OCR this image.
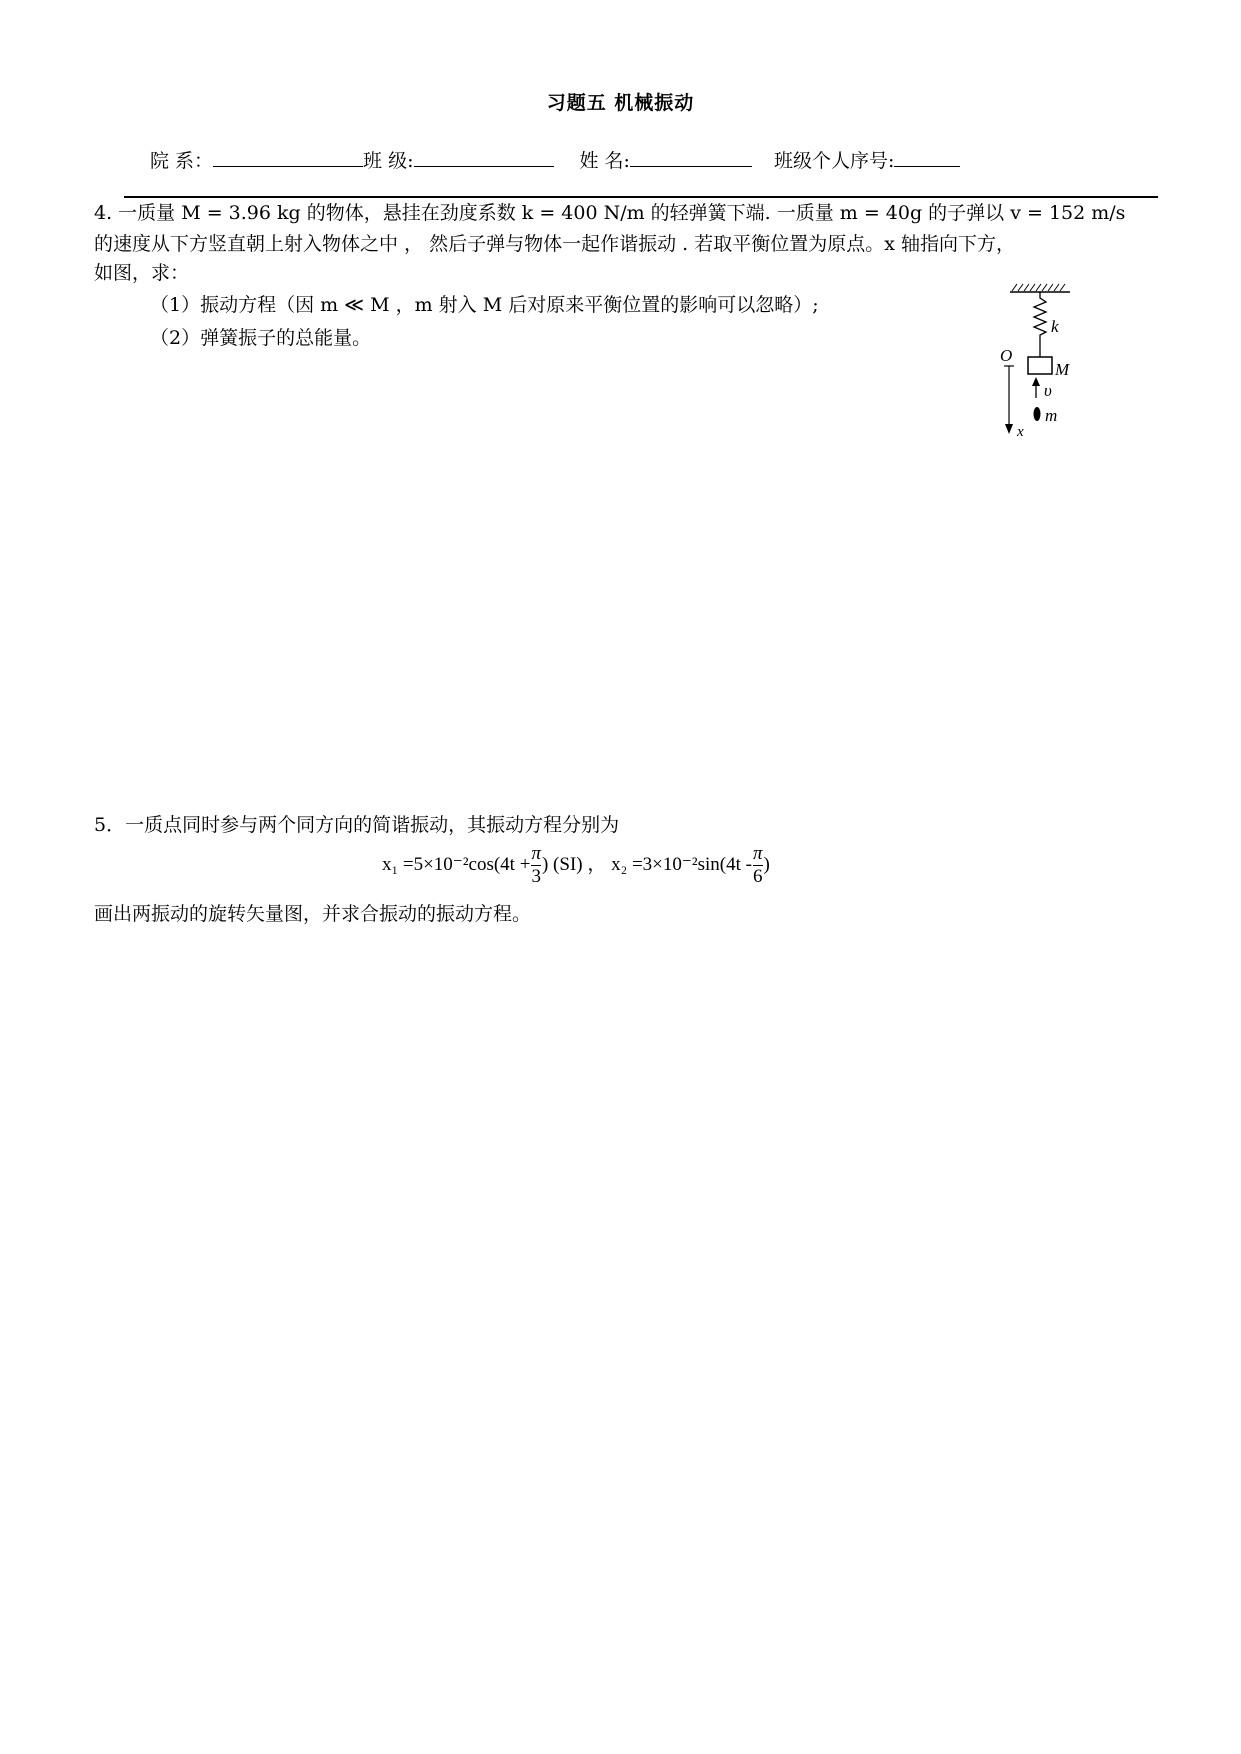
习题五 机械振动
院 系：	班 级:	姓 名:	班级个人序号:
4. 一质量 M = 3.96 kg 的物体，悬挂在劲度系数 k = 400 N/m 的轻弹簧下端. 一质量 m = 40g 的子弹以 v = 152 m/s
的速度从下方竖直朝上射入物体之中 ， 然后子弹与物体一起作谐振动 . 若取平衡位置为原点。x 轴指向下方，
如图，求：
（1）振动方程（因 m ≪ M ，m 射入 M 后对原来平衡位置的影响可以忽略）;
（2）弹簧振子的总能量。
k
M
O
x
υ
m
5．一质点同时参与两个同方向的简谐振动，其振动方程分别为
$x_1 =5\times 10^{-2}\cos(4t + \frac{\pi}{3}$ ) (SI) ， $x_2 =3\times 10^{-2}\sin(4t - \frac{\pi}{6}$ )
画出两振动的旋转矢量图，并求合振动的振动方程。
